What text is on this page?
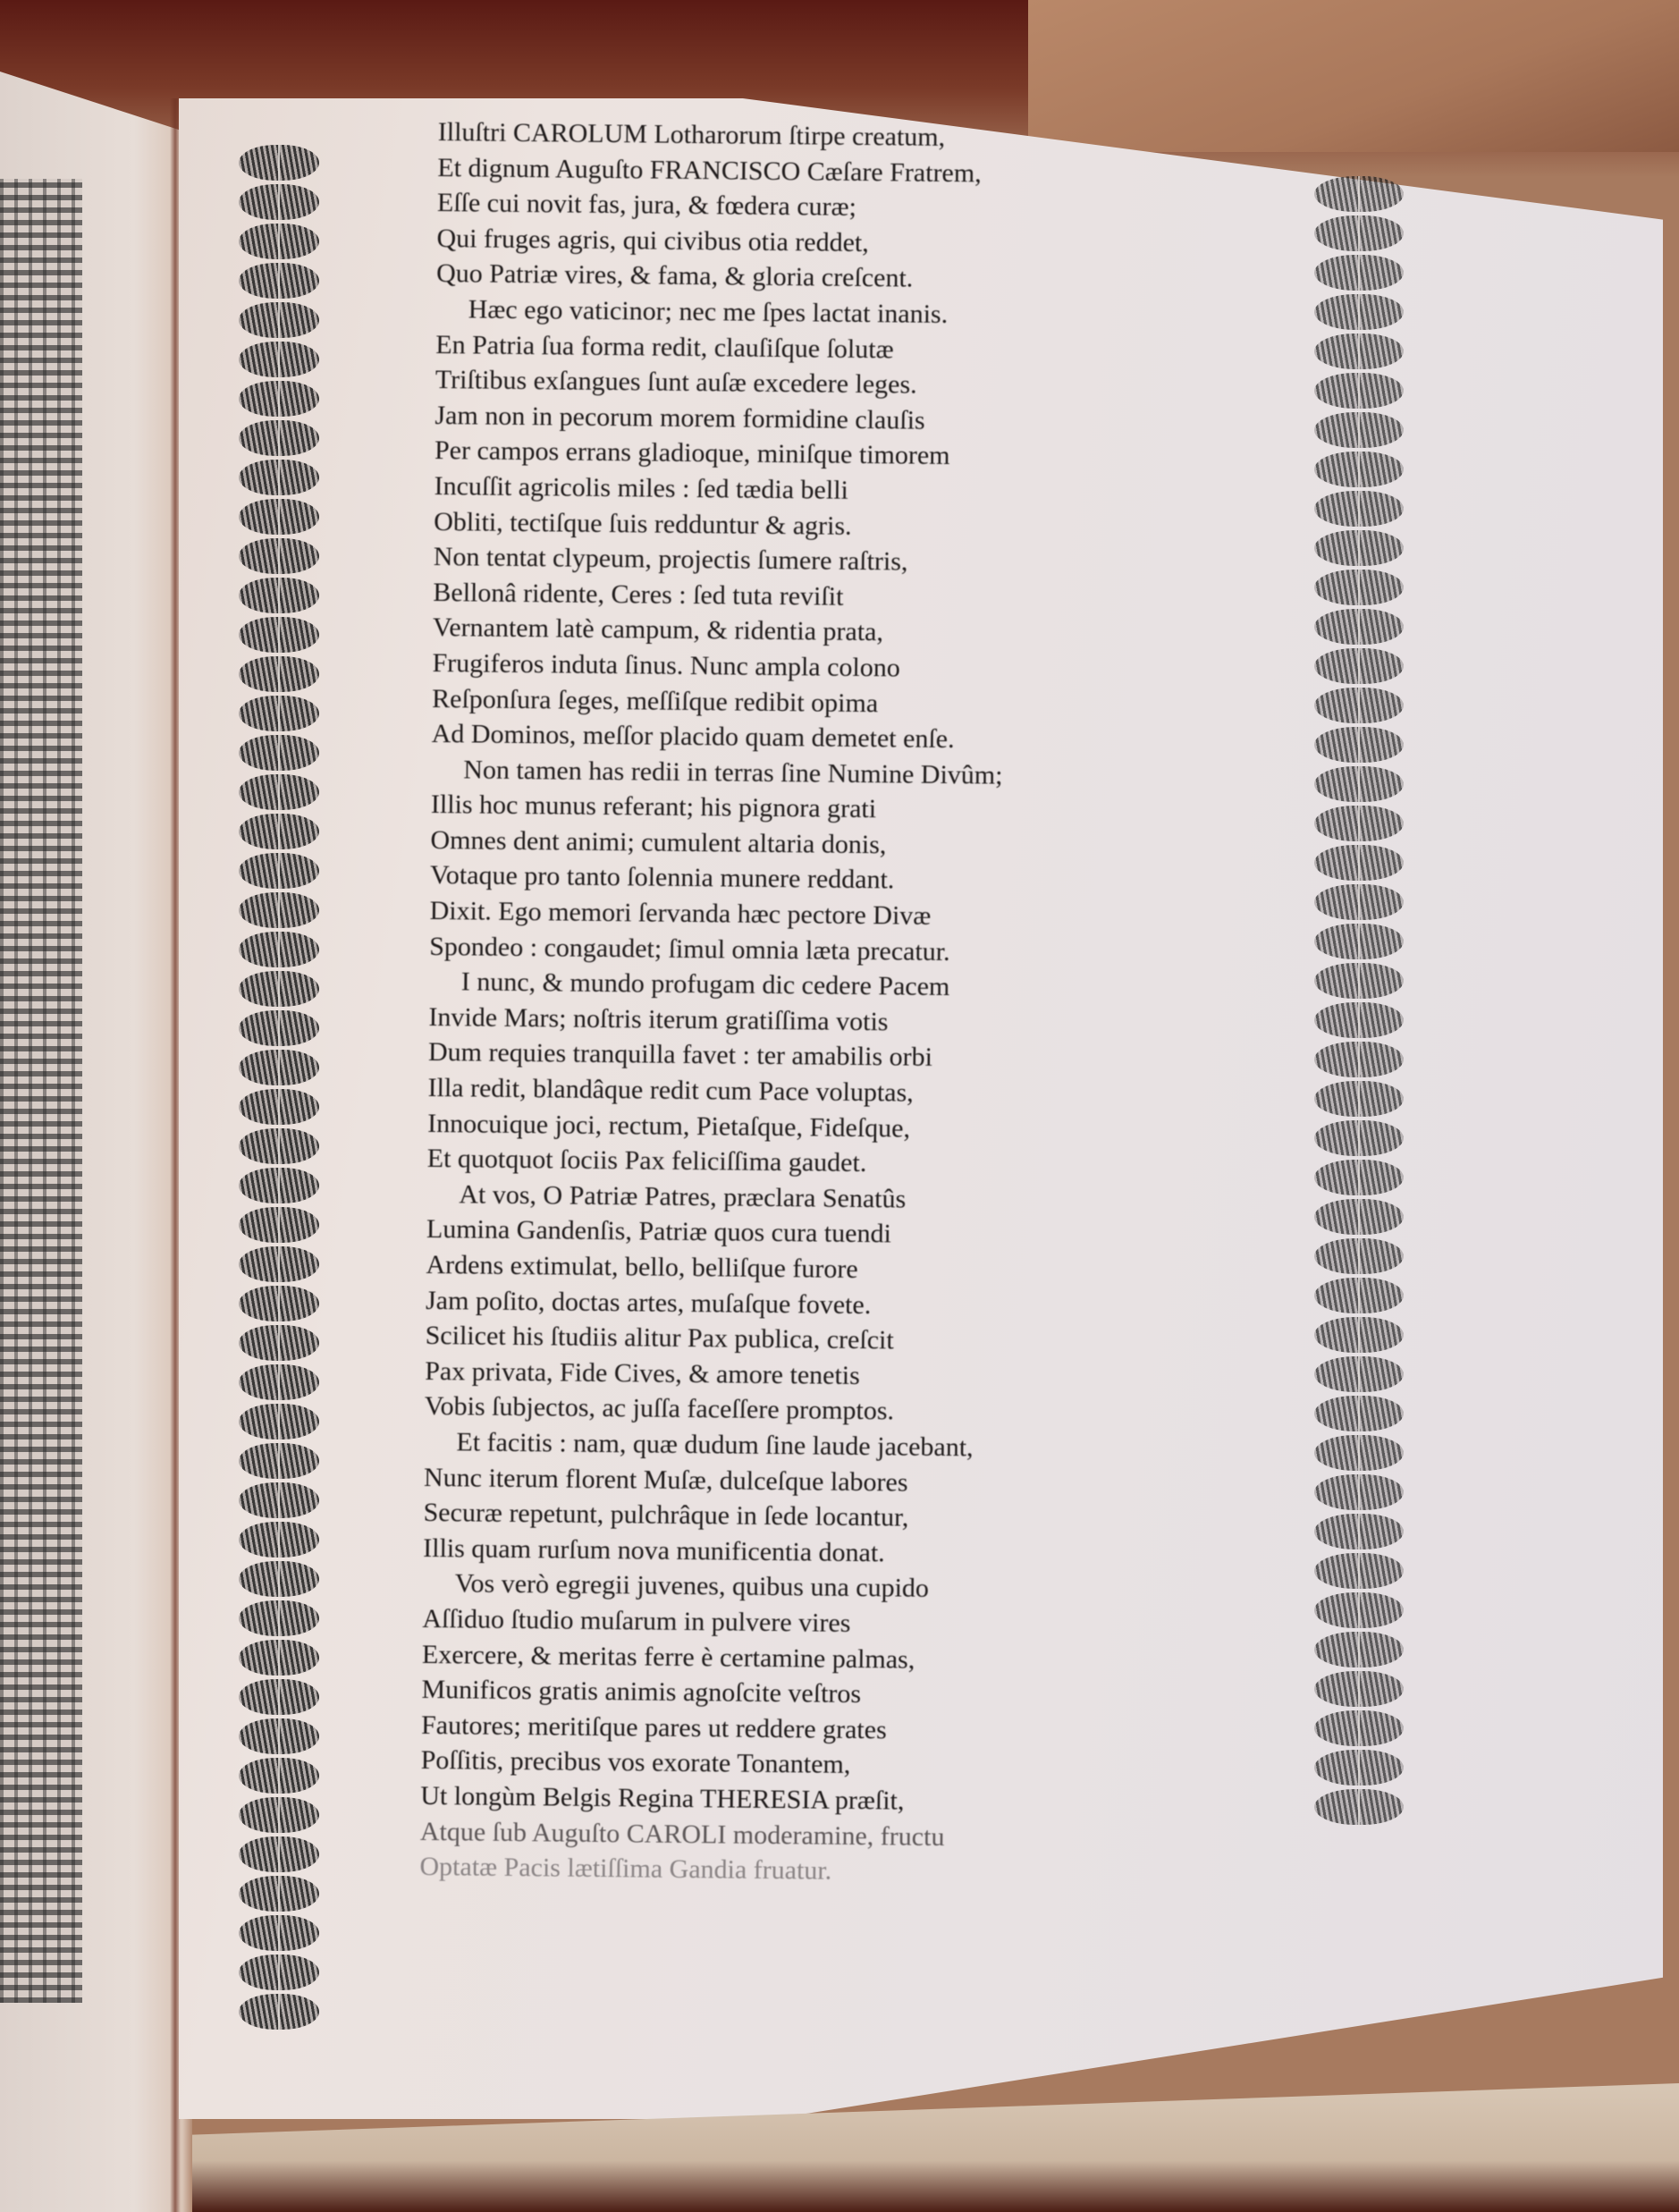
Illuſtri CAROLUM Lotharorum ſtirpe creatum,
Et dignum Auguſto FRANCISCO Cæſare Fratrem,
Eſſe cui novit fas, jura, & fœdera curæ;
Qui fruges agris, qui civibus otia reddet,
Quo Patriæ vires, & fama, & gloria creſcent.
Hæc ego vaticinor; nec me ſpes lactat inanis.
En Patria ſua forma redit, clauſiſque ſolutæ
Triſtibus exſangues ſunt auſæ excedere leges.
Jam non in pecorum morem formidine clauſis
Per campos errans gladioque, miniſque timorem
Incuſſit agricolis miles : ſed tædia belli
Obliti, tectiſque ſuis redduntur & agris.
Non tentat clypeum, projectis ſumere raſtris,
Bellonâ ridente, Ceres : ſed tuta reviſit
Vernantem latè campum, & ridentia prata,
Frugiferos induta ſinus. Nunc ampla colono
Reſponſura ſeges, meſſiſque redibit opima
Ad Dominos, meſſor placido quam demetet enſe.
Non tamen has redii in terras ſine Numine Divûm;
Illis hoc munus referant; his pignora grati
Omnes dent animi; cumulent altaria donis,
Votaque pro tanto ſolennia munere reddant.
Dixit. Ego memori ſervanda hæc pectore Divæ
Spondeo : congaudet; ſimul omnia læta precatur.
I nunc, & mundo profugam dic cedere Pacem
Invide Mars; noſtris iterum gratiſſima votis
Dum requies tranquilla favet : ter amabilis orbi
Illa redit, blandâque redit cum Pace voluptas,
Innocuique joci, rectum, Pietaſque, Fideſque,
Et quotquot ſociis Pax feliciſſima gaudet.
At vos, O Patriæ Patres, præclara Senatûs
Lumina Gandenſis, Patriæ quos cura tuendi
Ardens extimulat, bello, belliſque furore
Jam poſito, doctas artes, muſaſque fovete.
Scilicet his ſtudiis alitur Pax publica, creſcit
Pax privata, Fide Cives, & amore tenetis
Vobis ſubjectos, ac juſſa faceſſere promptos.
Et facitis : nam, quæ dudum ſine laude jacebant,
Nunc iterum florent Muſæ, dulceſque labores
Securæ repetunt, pulchrâque in ſede locantur,
Illis quam rurſum nova munificentia donat.
Vos verò egregii juvenes, quibus una cupido
Aſſiduo ſtudio muſarum in pulvere vires
Exercere, & meritas ferre è certamine palmas,
Munificos gratis animis agnoſcite veſtros
Fautores; meritiſque pares ut reddere grates
Poſſitis, precibus vos exorate Tonantem,
Ut longùm Belgis Regina THERESIA præſit,
Atque ſub Auguſto CAROLI moderamine, fructu
Optatæ Pacis lætiſſima Gandia fruatur.
